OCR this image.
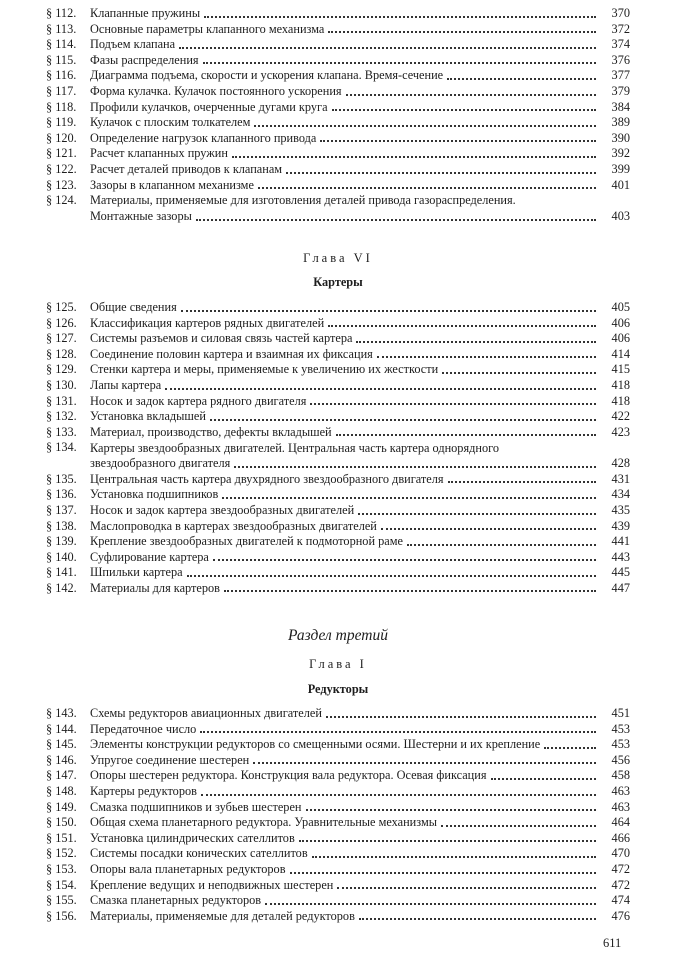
§ 112.	Клапанные пружины	370
§ 113.	Основные параметры клапанного механизма	372
§ 114.	Подъем клапана	374
§ 115.	Фазы распределения	376
§ 116.	Диаграмма подъема, скорости и ускорения клапана. Время-сечение	377
§ 117.	Форма кулачка. Кулачок постоянного ускорения	379
§ 118.	Профили кулачков, очерченные дугами круга	384
§ 119.	Кулачок с плоским толкателем	389
§ 120.	Определение нагрузок клапанного привода	390
§ 121.	Расчет клапанных пружин	392
§ 122.	Расчет деталей приводов к клапанам	399
§ 123.	Зазоры в клапанном механизме	401
§ 124.	Материалы, применяемые для изготовления деталей привода газораспределения.
Монтажные зазоры	403
Глава VI
Картеры
§ 125.	Общие сведения	405
§ 126.	Классификация картеров рядных двигателей	406
§ 127.	Системы разъемов и силовая связь частей картера	406
§ 128.	Соединение половин картера и взаимная их фиксация	414
§ 129.	Стенки картера и меры, применяемые к увеличению их жесткости	415
§ 130.	Лапы картера	418
§ 131.	Носок и задок картера рядного двигателя	418
§ 132.	Установка вкладышей	422
§ 133.	Материал, производство, дефекты вкладышей	423
§ 134.	Картеры звездообразных двигателей. Центральная часть картера однорядного
звездообразного двигателя	428
§ 135.	Центральная часть картера двухрядного звездообразного двигателя	431
§ 136.	Установка подшипников	434
§ 137.	Носок и задок картера звездообразных двигателей	435
§ 138.	Маслопроводка в картерах звездообразных двигателей	439
§ 139.	Крепление звездообразных двигателей к подмоторной раме	441
§ 140.	Суфлирование картера	443
§ 141.	Шпильки картера	445
§ 142.	Материалы для картеров	447
Раздел третий
Глава I
Редукторы
§ 143.	Схемы редукторов авиационных двигателей	451
§ 144.	Передаточное число	453
§ 145.	Элементы конструкции редукторов со смещенными осями. Шестерни и их крепление	453
§ 146.	Упругое соединение шестерен	456
§ 147.	Опоры шестерен редуктора. Конструкция вала редуктора. Осевая фиксация	458
§ 148.	Картеры редукторов	463
§ 149.	Смазка подшипников и зубьев шестерен	463
§ 150.	Общая схема планетарного редуктора. Уравнительные механизмы	464
§ 151.	Установка цилиндрических сателлитов	466
§ 152.	Системы посадки конических сателлитов	470
§ 153.	Опоры вала планетарных редукторов	472
§ 154.	Крепление ведущих и неподвижных шестерен	472
§ 155.	Смазка планетарных редукторов	474
§ 156.	Материалы, применяемые для деталей редукторов	476
611
